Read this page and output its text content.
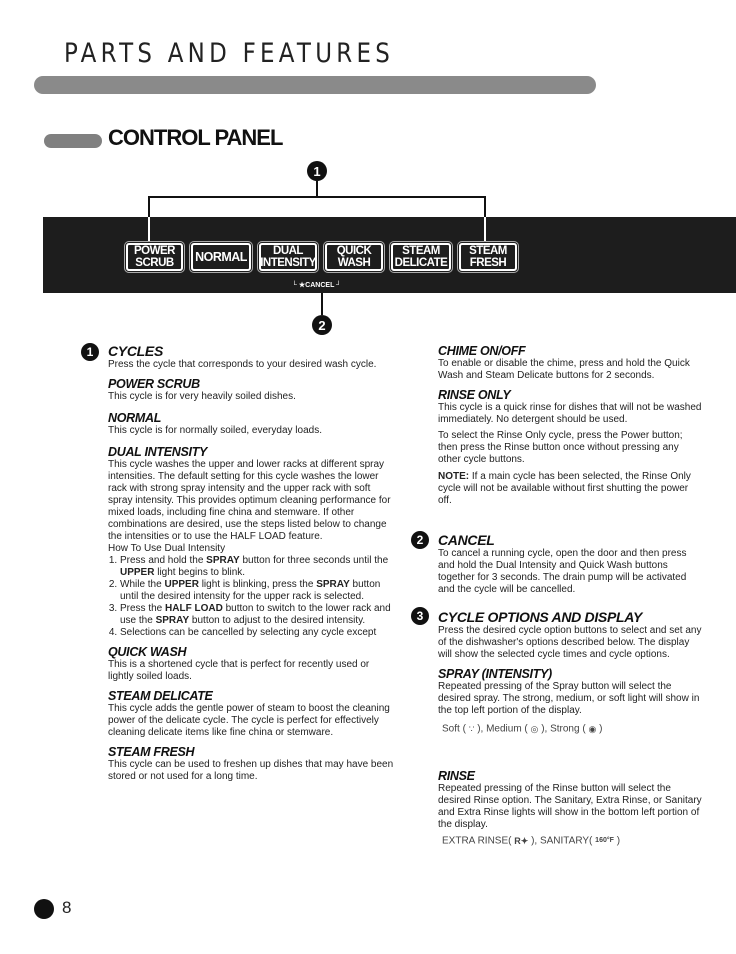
PARTS AND FEATURES
CONTROL PANEL
1
POWER
SCRUB NORMAL	DUAL
INTENSITY
QUICK
WASH
STEAM
DELICATE
STEAM
FRESH
└ ★CANCEL ┘
2
1	CYCLES
Press the cycle that corresponds to your desired wash cycle.
POWER SCRUB
This cycle is for very heavily soiled dishes.
NORMAL
This cycle is for normally soiled, everyday loads.
DUAL INTENSITY
This cycle washes the upper and lower racks at different spray intensities. The default setting for this cycle washes the lower rack with strong spray intensity and the upper rack with soft spray intensity. This provides optimum cleaning performance for mixed loads, including fine china and stemware. If other combinations are desired, use the steps listed below to change the intensities or to use the HALF LOAD feature.
How To Use Dual Intensity
1. Press and hold the SPRAY button for three seconds until the UPPER light begins to blink.
2. While the UPPER light is blinking, press the SPRAY button until the desired intensity for the upper rack is selected.
3. Press the HALF LOAD button to switch to the lower rack and use the SPRAY button to adjust to the desired intensity.
4. Selections can be cancelled by selecting any cycle except
QUICK WASH
This is a shortened cycle that is perfect for recently used or lightly soiled loads.
STEAM DELICATE
This cycle adds the gentle power of steam to boost the cleaning power of the delicate cycle. The cycle is perfect for effectively cleaning delicate items like fine china or stemware.
STEAM FRESH
This cycle can be used to freshen up dishes that may have been stored or not used for a long time.
CHIME ON/OFF
To enable or disable the chime, press and hold the Quick Wash and Steam Delicate buttons for 2 seconds.
RINSE ONLY
This cycle is a quick rinse for dishes that will not be washed immediately. No detergent should be used.
To select the Rinse Only cycle, press the Power button; then press the Rinse button once without pressing any other cycle buttons.
NOTE: If a main cycle has been selected, the Rinse Only cycle will not be available without first shutting the power off.
2	CANCEL
To cancel a running cycle, open the door and then press and hold the Dual Intensity and Quick Wash buttons together for 3 seconds. The drain pump will be activated and the cycle will be cancelled.
3	CYCLE OPTIONS AND DISPLAY
Press the desired cycle option buttons to select and set any of the dishwasher's options described below. The display will show the selected cycle times and cycle options.
SPRAY (INTENSITY)
Repeated pressing of the Spray button will select the desired spray. The strong, medium, or soft light will show in the top left portion of the display.
Soft ( ∵ ), Medium ( ◎ ), Strong ( ◉ )
RINSE
Repeated pressing of the Rinse button will select the desired Rinse option. The Sanitary, Extra Rinse, or Sanitary and Extra Rinse lights will show in the bottom left portion of the display.
EXTRA RINSE( R✦ ), SANITARY( 160°F )
8
